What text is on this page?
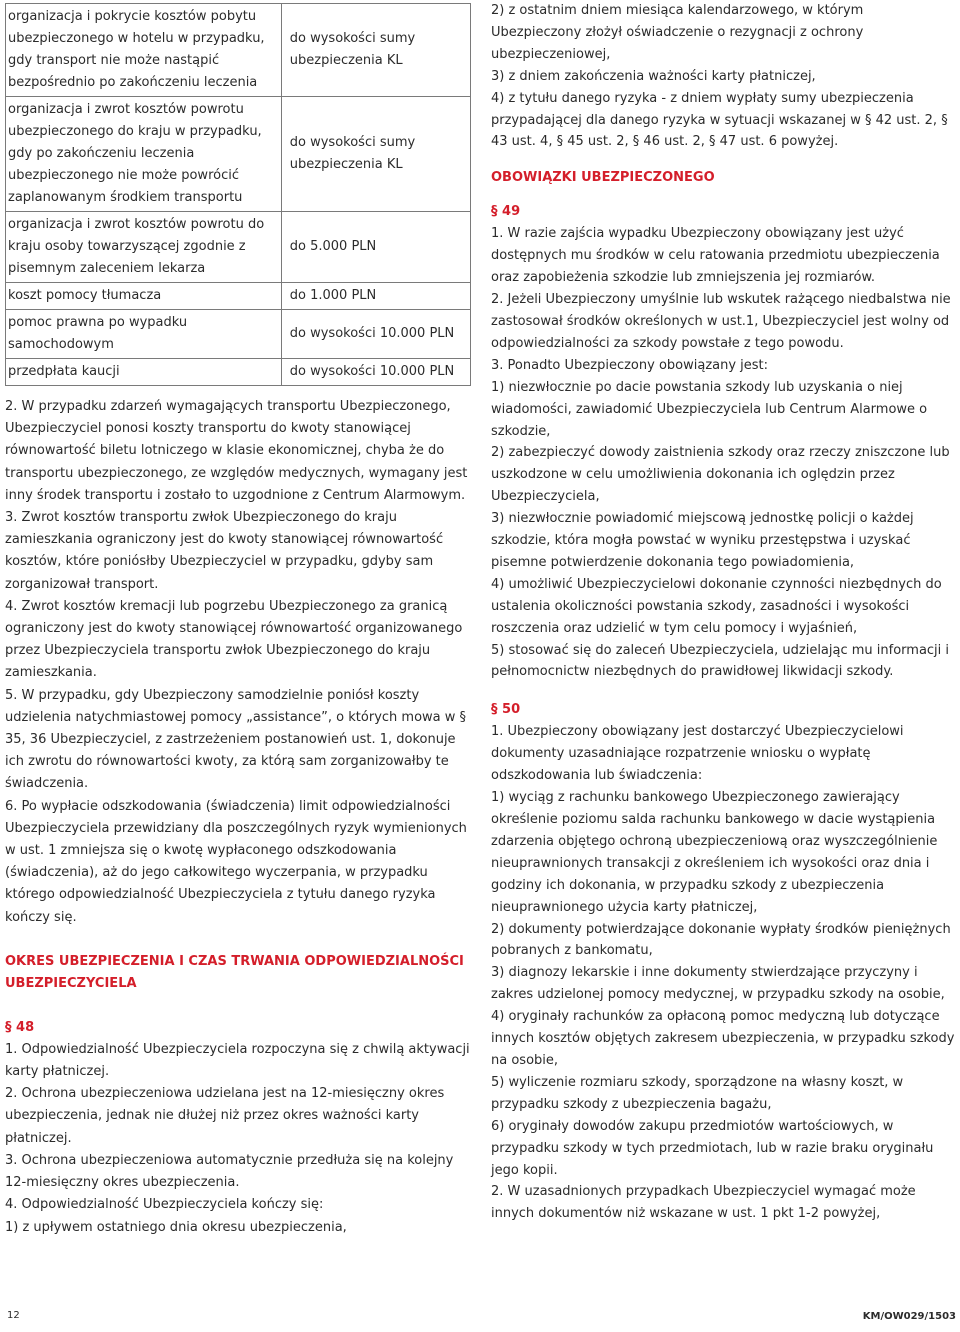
organizacja i pokrycie kosztów pobytu ubezpieczonego w hotelu w przypadku, gdy transport nie może nastąpić bezpośrednio po zakończeniu leczenia	do wysokości sumy ubezpieczenia KL
organizacja i zwrot kosztów powrotu ubezpieczonego do kraju w przypadku, gdy po zakończeniu leczenia ubezpieczonego nie może powrócić zaplanowanym środkiem transportu	do wysokości sumy ubezpieczenia KL
organizacja i zwrot kosztów powrotu do kraju osoby towarzyszącej zgodnie z pisemnym zaleceniem lekarza	do 5.000 PLN
koszt pomocy tłumacza	do 1.000 PLN
pomoc prawna po wypadku samochodowym	do wysokości 10.000 PLN
przedpłata kaucji	do wysokości 10.000 PLN

2. W przypadku zdarzeń wymagających transportu Ubezpieczonego, Ubezpieczyciel ponosi koszty transportu do kwoty stanowiącej równowartość biletu lotniczego w klasie ekonomicznej, chyba że do transportu ubezpieczonego, ze względów medycznych, wymagany jest inny środek transportu i zostało to uzgodnione z Centrum Alarmowym.

3. Zwrot kosztów transportu zwłok Ubezpieczonego do kraju zamieszkania ograniczony jest do kwoty stanowiącej równowartość kosztów, które poniósłby Ubezpieczyciel w przypadku, gdyby sam zorganizował transport.

4. Zwrot kosztów kremacji lub pogrzebu Ubezpieczonego za granicą ograniczony jest do kwoty stanowiącej równowartość organizowanego przez Ubezpieczyciela transportu zwłok Ubezpieczonego do kraju zamieszkania.

5. W przypadku, gdy Ubezpieczony samodzielnie poniósł koszty udzielenia natychmiastowej pomocy „assistance”, o których mowa w § 35, 36 Ubezpieczyciel, z zastrzeżeniem postanowień ust. 1, dokonuje ich zwrotu do równowartości kwoty, za którą sam zorganizowałby te świadczenia.

6. Po wypłacie odszkodowania (świadczenia) limit odpowiedzialności Ubezpieczyciela przewidziany dla poszczególnych ryzyk wymienionych w ust. 1 zmniejsza się o kwotę wypłaconego odszkodowania (świadczenia), aż do jego całkowitego wyczerpania, w przypadku którego odpowiedzialność Ubezpieczyciela z tytułu danego ryzyka kończy się.

OKRES UBEZPIECZENIA I CZAS TRWANIA ODPOWIEDZIALNOŚCI UBEZPIECZYCIELA

§ 48

1. Odpowiedzialność Ubezpieczyciela rozpoczyna się z chwilą aktywacji karty płatniczej.

2. Ochrona ubezpieczeniowa udzielana jest na 12-miesięczny okres ubezpieczenia, jednak nie dłużej niż przez okres ważności karty płatniczej.

3. Ochrona ubezpieczeniowa automatycznie przedłuża się na kolejny 12-miesięczny okres ubezpieczenia.

4. Odpowiedzialność Ubezpieczyciela kończy się:

1) z upływem ostatniego dnia okresu ubezpieczenia,

2) z ostatnim dniem miesiąca kalendarzowego, w którym Ubezpieczony złożył oświadczenie o rezygnacji z ochrony ubezpieczeniowej,

3) z dniem zakończenia ważności karty płatniczej,

4) z tytułu danego ryzyka - z dniem wypłaty sumy ubezpieczenia przypadającej dla danego ryzyka w sytuacji wskazanej w § 42 ust. 2, § 43 ust. 4, § 45 ust. 2, § 46 ust. 2, § 47 ust. 6 powyżej.

OBOWIĄZKI UBEZPIECZONEGO

§ 49

1. W razie zajścia wypadku Ubezpieczony obowiązany jest użyć dostępnych mu środków w celu ratowania przedmiotu ubezpieczenia oraz zapobieżenia szkodzie lub zmniejszenia jej rozmiarów.

2. Jeżeli Ubezpieczony umyślnie lub wskutek rażącego niedbalstwa nie zastosował środków określonych w ust.1, Ubezpieczyciel jest wolny od odpowiedzialności za szkody powstałe z tego powodu.

3. Ponadto Ubezpieczony obowiązany jest:

1) niezwłocznie po dacie powstania szkody lub uzyskania o niej wiadomości, zawiadomić Ubezpieczyciela lub Centrum Alarmowe o szkodzie,

2) zabezpieczyć dowody zaistnienia szkody oraz rzeczy zniszczone lub uszkodzone w celu umożliwienia dokonania ich oględzin przez Ubezpieczyciela,

3) niezwłocznie powiadomić miejscową jednostkę policji o każdej szkodzie, która mogła powstać w wyniku przestępstwa i uzyskać pisemne potwierdzenie dokonania tego powiadomienia,

4) umożliwić Ubezpieczycielowi dokonanie czynności niezbędnych do ustalenia okoliczności powstania szkody, zasadności i wysokości roszczenia oraz udzielić w tym celu pomocy i wyjaśnień,

5) stosować się do zaleceń Ubezpieczyciela, udzielając mu informacji i pełnomocnictw niezbędnych do prawidłowej likwidacji szkody.

§ 50

1. Ubezpieczony obowiązany jest dostarczyć Ubezpieczycielowi dokumenty uzasadniające rozpatrzenie wniosku o wypłatę odszkodowania lub świadczenia:

1) wyciąg z rachunku bankowego Ubezpieczonego zawierający określenie poziomu salda rachunku bankowego w dacie wystąpienia zdarzenia objętego ochroną ubezpieczeniową oraz wyszczególnienie nieuprawnionych transakcji z określeniem ich wysokości oraz dnia i godziny ich dokonania, w przypadku szkody z ubezpieczenia nieuprawnionego użycia karty płatniczej,

2) dokumenty potwierdzające dokonanie wypłaty środków pieniężnych pobranych z bankomatu,

3) diagnozy lekarskie i inne dokumenty stwierdzające przyczyny i zakres udzielonej pomocy medycznej, w przypadku szkody na osobie,

4) oryginały rachunków za opłaconą pomoc medyczną lub dotyczące innych kosztów objętych zakresem ubezpieczenia, w przypadku szkody na osobie,

5) wyliczenie rozmiaru szkody, sporządzone na własny koszt, w przypadku szkody z ubezpieczenia bagażu,

6) oryginały dowodów zakupu przedmiotów wartościowych, w przypadku szkody w tych przedmiotach, lub w razie braku oryginału jego kopii.

2. W uzasadnionych przypadkach Ubezpieczyciel wymagać może innych dokumentów niż wskazane w ust. 1 pkt 1-2 powyżej,

12	KM/OW029/1503
